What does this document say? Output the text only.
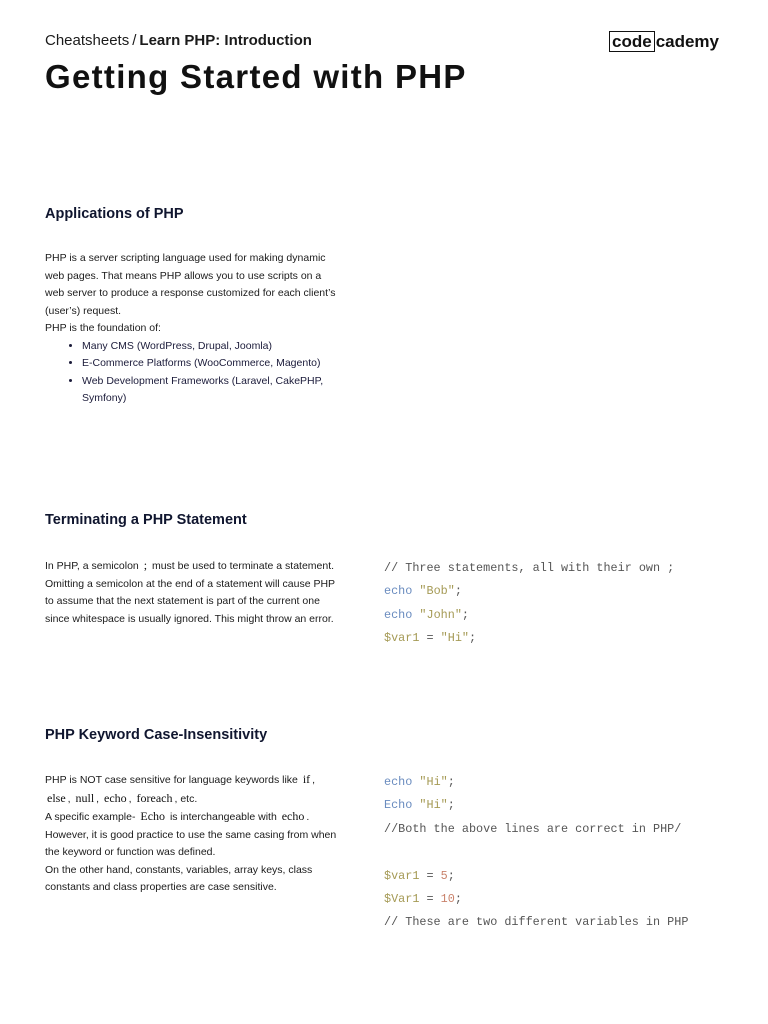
Cheatsheets / Learn PHP: Introduction	code cademy
Getting Started with PHP
Applications of PHP

PHP is a server scripting language used for making dynamic web pages. That means PHP allows you to use scripts on a web server to produce a response customized for each client’s (user’s) request.

PHP is the foundation of:

• Many CMS (WordPress, Drupal, Joomla)
• E-Commerce Platforms (WooCommerce, Magento)
• Web Development Frameworks (Laravel, CakePHP, Symfony)
Terminating a PHP Statement

In PHP, a semicolon ; must be used to terminate a statement.

Omitting a semicolon at the end of a statement will cause PHP to assume that the next statement is part of the current one since whitespace is usually ignored. This might throw an error.

// Three statements, all with their own ;
echo "Bob";
echo "John";
$var1 = "Hi";
PHP Keyword Case-Insensitivity

PHP is NOT case sensitive for language keywords like if , else , null , echo , foreach , etc.

A specific example- Echo is interchangeable with echo . However, it is good practice to use the same casing from when the keyword or function was defined.

On the other hand, constants, variables, array keys, class constants and class properties are case sensitive.

echo "Hi";
Echo "Hi";
//Both the above lines are correct in PHP/
$var1 = 5;
$Var1 = 10;
// These are two different variables in PHP
